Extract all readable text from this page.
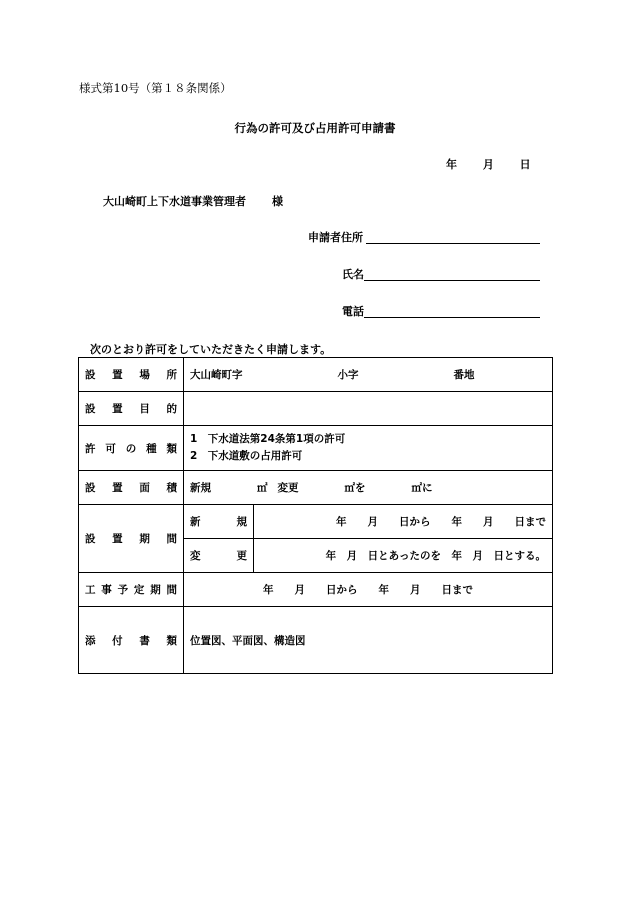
様式第10号（第１８条関係）
行為の許可及び占用許可申請書
年 月 日
大山崎町上下水道事業管理者 様
申請者住所
氏名
電話
次のとおり許可をしていただきたく申請します。
設置場所	大山崎町字 小字 番地	
設置目的		
許可の種類	1　下水道法第24条第1項の許可
2　下水道敷の占用許可	

設置面積	新規 ㎡ 変更 ㎡を ㎡に	
設置期間	新規	年　　月　　日から　　年　　月　　日まで
	変更	年　月　日とあったのを　年　月　日とする。
工事予定期間	年　　月　　日から　　年　　月　　日まで	
添付書類	位置図、平面図、構造図	
